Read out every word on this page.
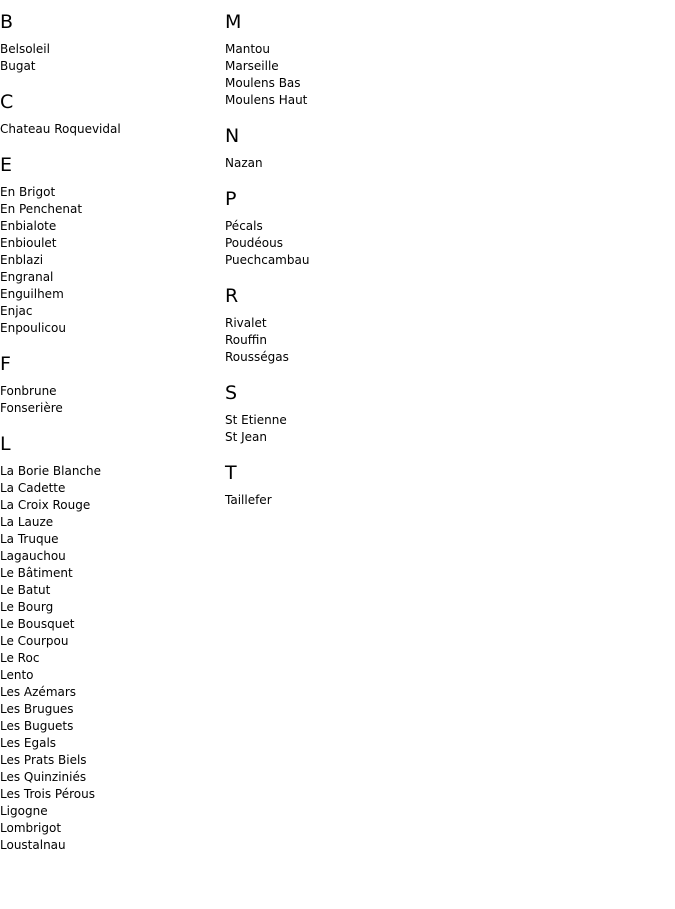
B
Belsoleil
Bugat
C
Chateau Roquevidal
E
En Brigot
En Penchenat
Enbialote
Enbioulet
Enblazi
Engranal
Enguilhem
Enjac
Enpoulicou
F
Fonbrune
Fonserière
L
La Borie Blanche
La Cadette
La Croix Rouge
La Lauze
La Truque
Lagauchou
Le Bâtiment
Le Batut
Le Bourg
Le Bousquet
Le Courpou
Le Roc
Lento
Les Azémars
Les Brugues
Les Buguets
Les Egals
Les Prats Biels
Les Quinziniés
Les Trois Pérous
Ligogne
Lombrigot
Loustalnau
M
Mantou
Marseille
Moulens Bas
Moulens Haut
N
Nazan
P
Pécals
Poudéous
Puechcambau
R
Rivalet
Rouffin
Rousségas
S
St Etienne
St Jean
T
Taillefer
